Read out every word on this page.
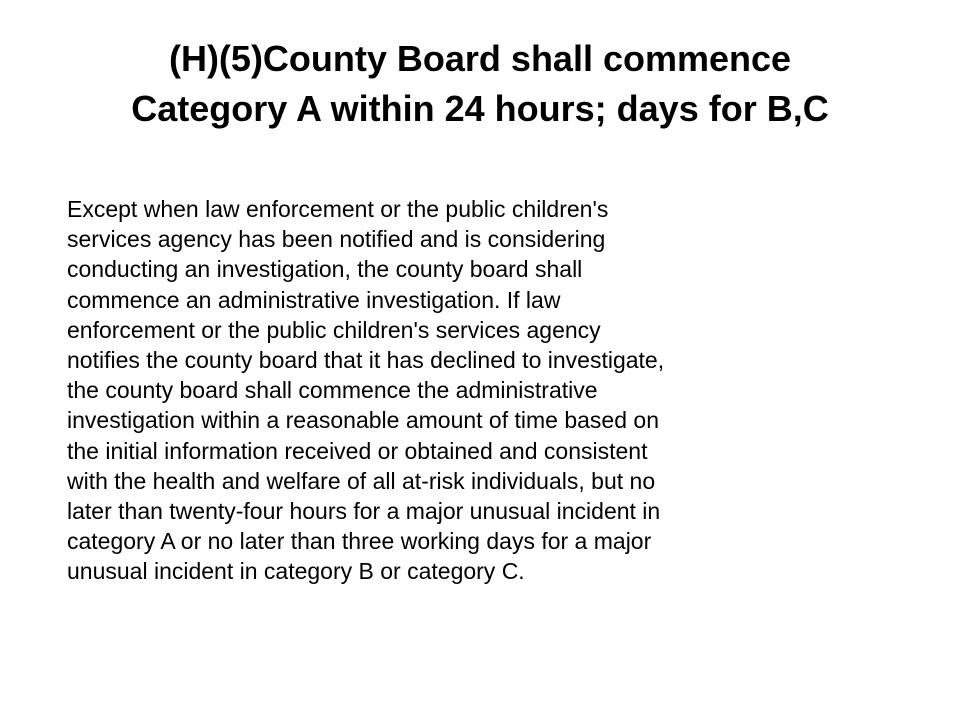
(H)(5)County Board shall commence
Category A within 24 hours; days for B,C
Except when law enforcement or the public children's
services agency has been notified and is considering
conducting an investigation, the county board shall
commence an administrative investigation. If law
enforcement or the public children's services agency
notifies the county board that it has declined to investigate,
the county board shall commence the administrative
investigation within a reasonable amount of time based on
the initial information received or obtained and consistent
with the health and welfare of all at-risk individuals, but no
later than twenty-four hours for a major unusual incident in
category A or no later than three working days for a major
unusual incident in category B or category C.
